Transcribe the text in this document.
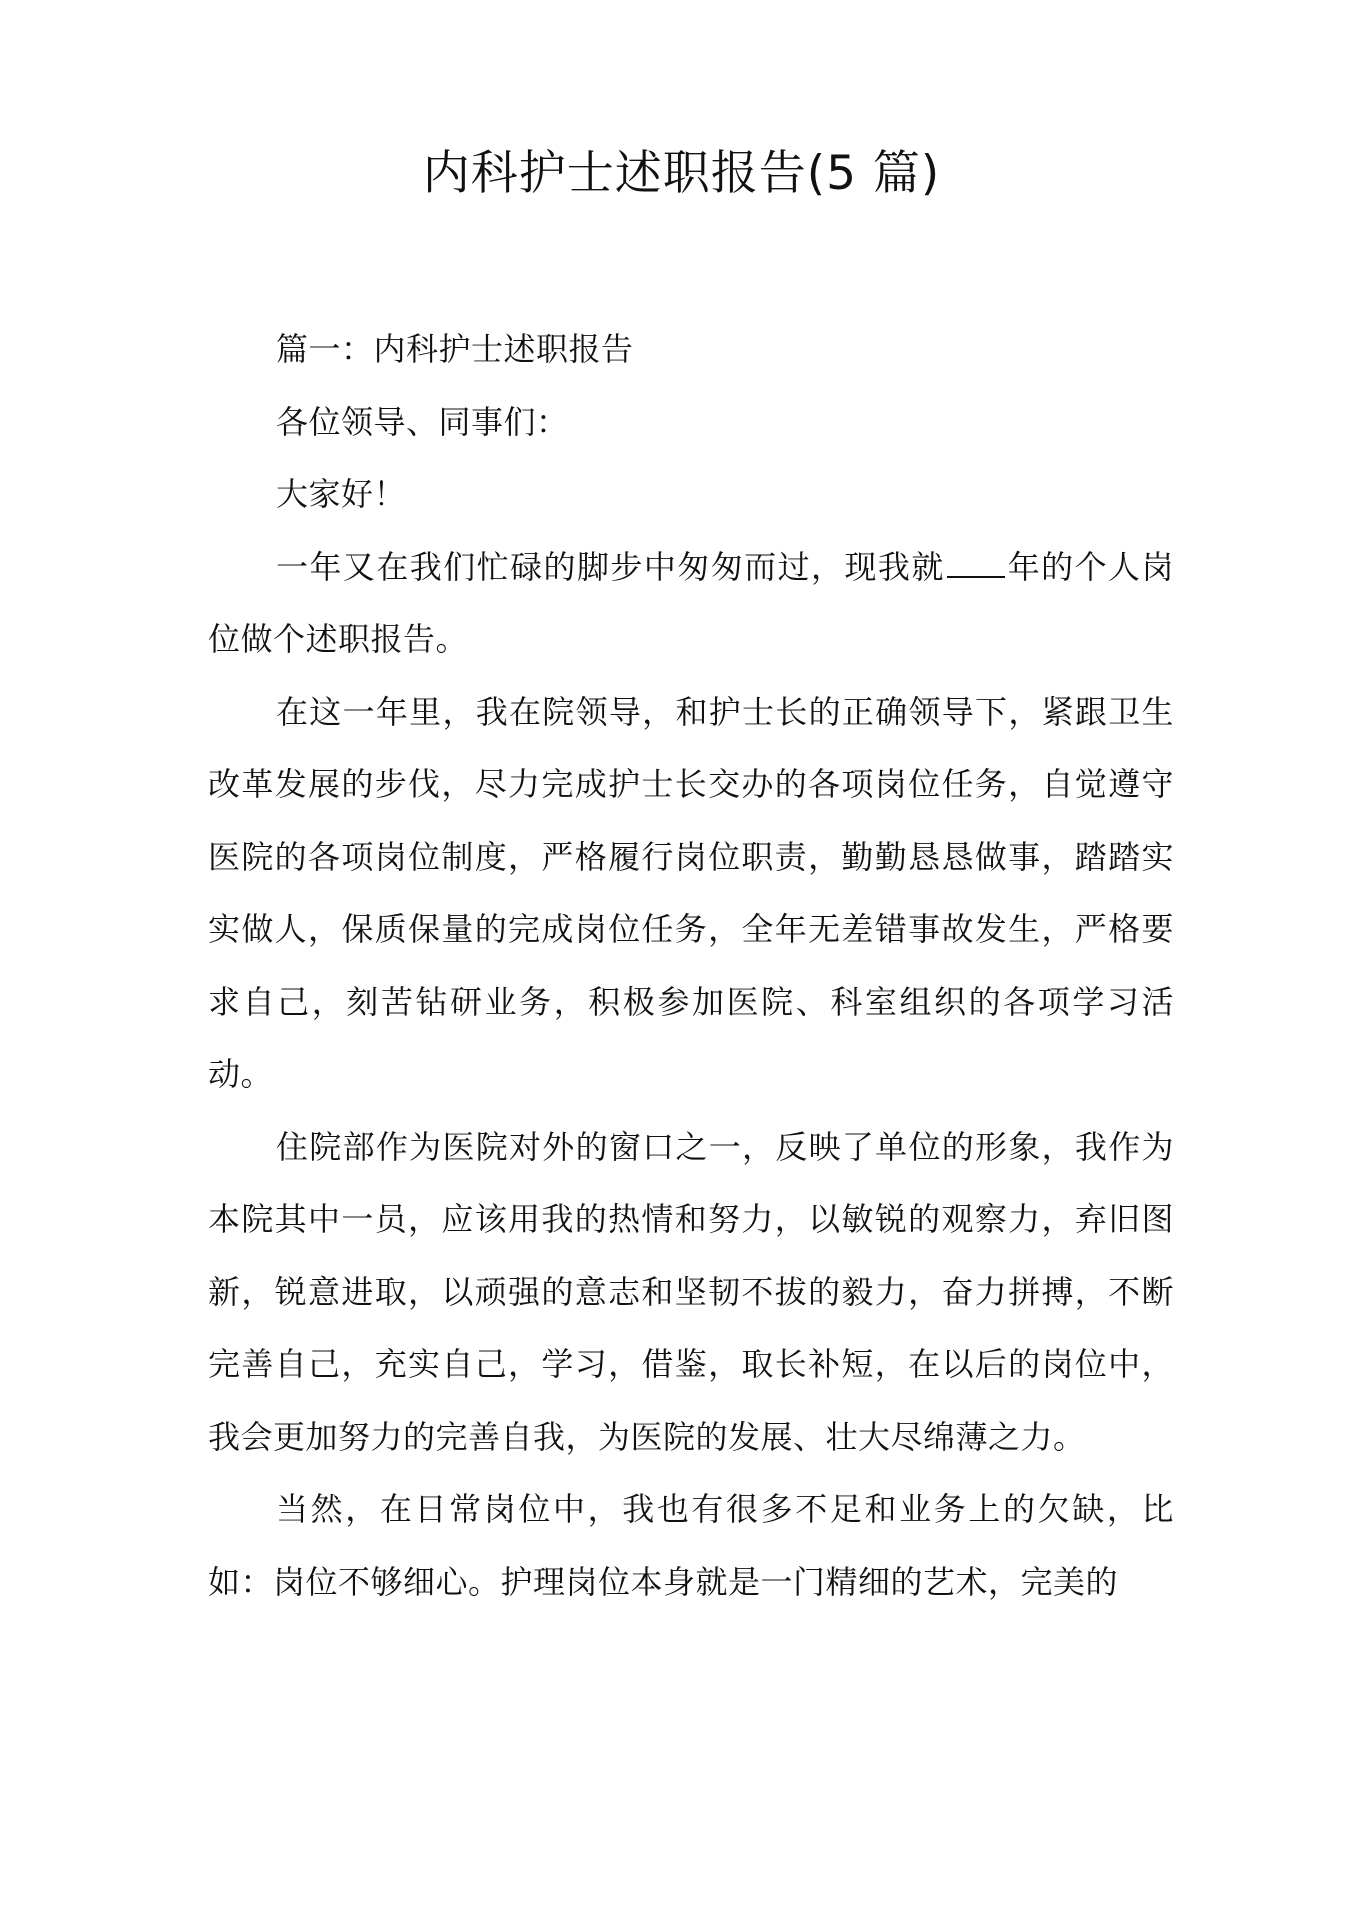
内科护士述职报告(5 篇)

篇一：内科护士述职报告

各位领导、同事们：

大家好！

一年又在我们忙碌的脚步中匆匆而过，现我就 年的个人岗位做个述职报告。

在这一年里，我在院领导，和护士长的正确领导下，紧跟卫生改革发展的步伐，尽力完成护士长交办的各项岗位任务，自觉遵守医院的各项岗位制度，严格履行岗位职责，勤勤恳恳做事，踏踏实实做人，保质保量的完成岗位任务，全年无差错事故发生，严格要求自己，刻苦钻研业务，积极参加医院、科室组织的各项学习活动。

住院部作为医院对外的窗口之一，反映了单位的形象，我作为本院其中一员，应该用我的热情和努力，以敏锐的观察力，弃旧图新，锐意进取，以顽强的意志和坚韧不拔的毅力，奋力拼搏，不断完善自己，充实自己，学习，借鉴，取长补短，在以后的岗位中，我会更加努力的完善自我，为医院的发展、壮大尽绵薄之力。

当然，在日常岗位中，我也有很多不足和业务上的欠缺，比如：岗位不够细心。护理岗位本身就是一门精细的艺术，完美的
